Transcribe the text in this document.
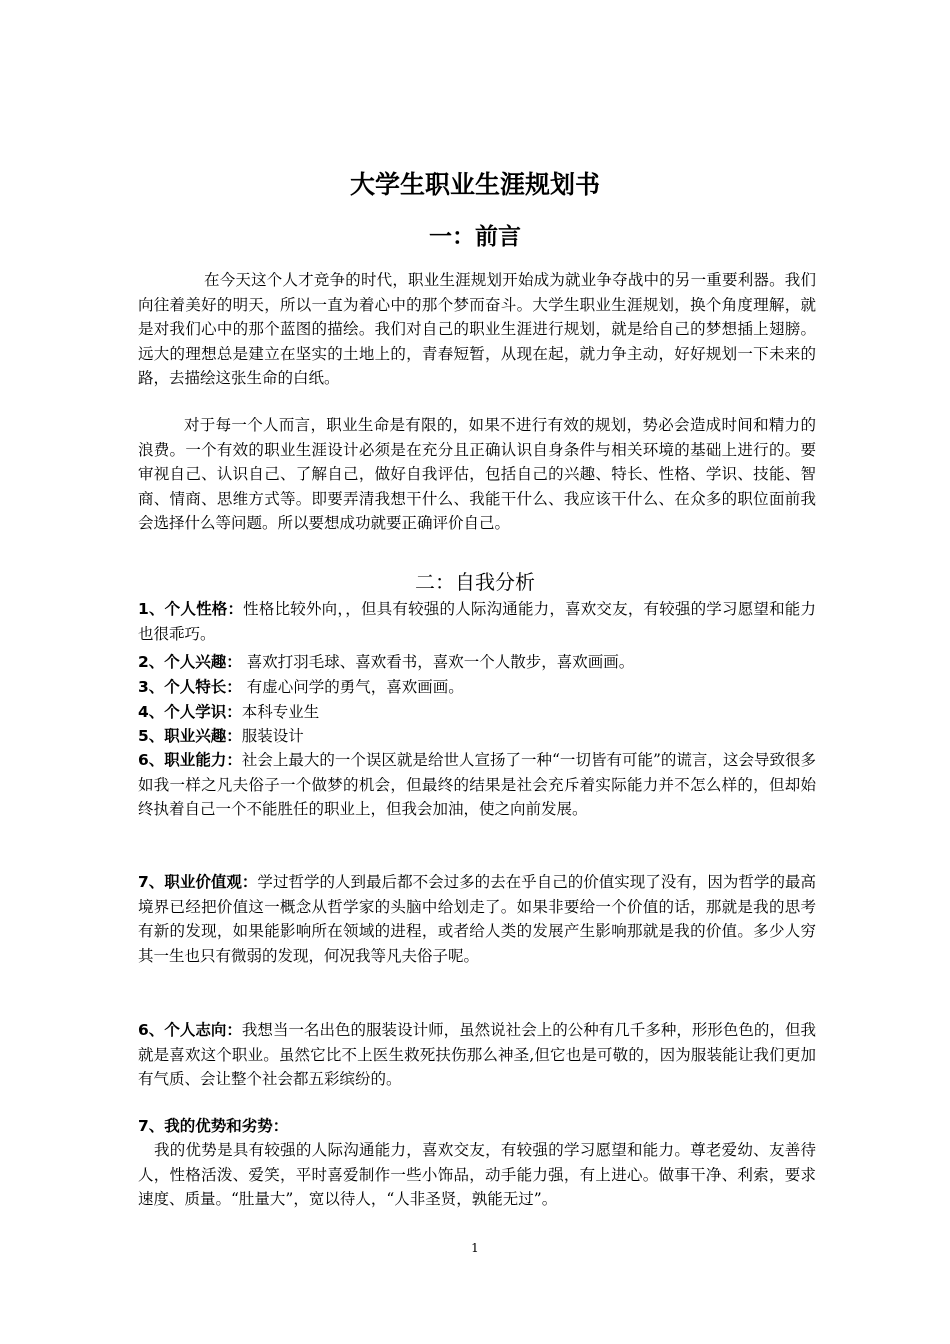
大学生职业生涯规划书
一：前言

在今天这个人才竞争的时代，职业生涯规划开始成为就业争夺战中的另一重要利器。我们向往着美好的明天，所以一直为着心中的那个梦而奋斗。大学生职业生涯规划，换个角度理解，就是对我们心中的那个蓝图的描绘。我们对自己的职业生涯进行规划，就是给自己的梦想插上翅膀。远大的理想总是建立在坚实的土地上的，青春短暂，从现在起，就力争主动，好好规划一下未来的路，去描绘这张生命的白纸。

对于每一个人而言，职业生命是有限的，如果不进行有效的规划，势必会造成时间和精力的浪费。一个有效的职业生涯设计必须是在充分且正确认识自身条件与相关环境的基础上进行的。要审视自己、认识自己、了解自己，做好自我评估，包括自己的兴趣、特长、性格、学识、技能、智商、情商、思维方式等。即要弄清我想干什么、我能干什么、我应该干什么、在众多的职位面前我会选择什么等问题。所以要想成功就要正确评价自己。

二：自我分析

1、个人性格：性格比较外向，，但具有较强的人际沟通能力，喜欢交友，有较强的学习愿望和能力也很乖巧。

2、个人兴趣： 喜欢打羽毛球、喜欢看书，喜欢一个人散步，喜欢画画。

3、个人特长： 有虚心问学的勇气，喜欢画画。

4、个人学识：本科专业生

5、职业兴趣：服装设计

6、职业能力：社会上最大的一个误区就是给世人宣扬了一种“一切皆有可能”的谎言，这会导致很多如我一样之凡夫俗子一个做梦的机会，但最终的结果是社会充斥着实际能力并不怎么样的，但却始终执着自己一个不能胜任的职业上，但我会加油，使之向前发展。

7、职业价值观：学过哲学的人到最后都不会过多的去在乎自己的价值实现了没有，因为哲学的最高境界已经把价值这一概念从哲学家的头脑中给划走了。如果非要给一个价值的话，那就是我的思考有新的发现，如果能影响所在领域的进程，或者给人类的发展产生影响那就是我的价值。多少人穷其一生也只有微弱的发现，何况我等凡夫俗子呢。

6、个人志向：我想当一名出色的服装设计师，虽然说社会上的公种有几千多种，形形色色的，但我就是喜欢这个职业。虽然它比不上医生救死扶伤那么神圣,但它也是可敬的，因为服装能让我们更加有气质、会让整个社会都五彩缤纷的。

7、我的优势和劣势：

我的优势是具有较强的人际沟通能力，喜欢交友，有较强的学习愿望和能力。尊老爱幼、友善待人，性格活泼、爱笑，平时喜爱制作一些小饰品，动手能力强，有上进心。做事干净、利索，要求速度、质量。“肚量大”，宽以待人，“人非圣贤，孰能无过”。

1
